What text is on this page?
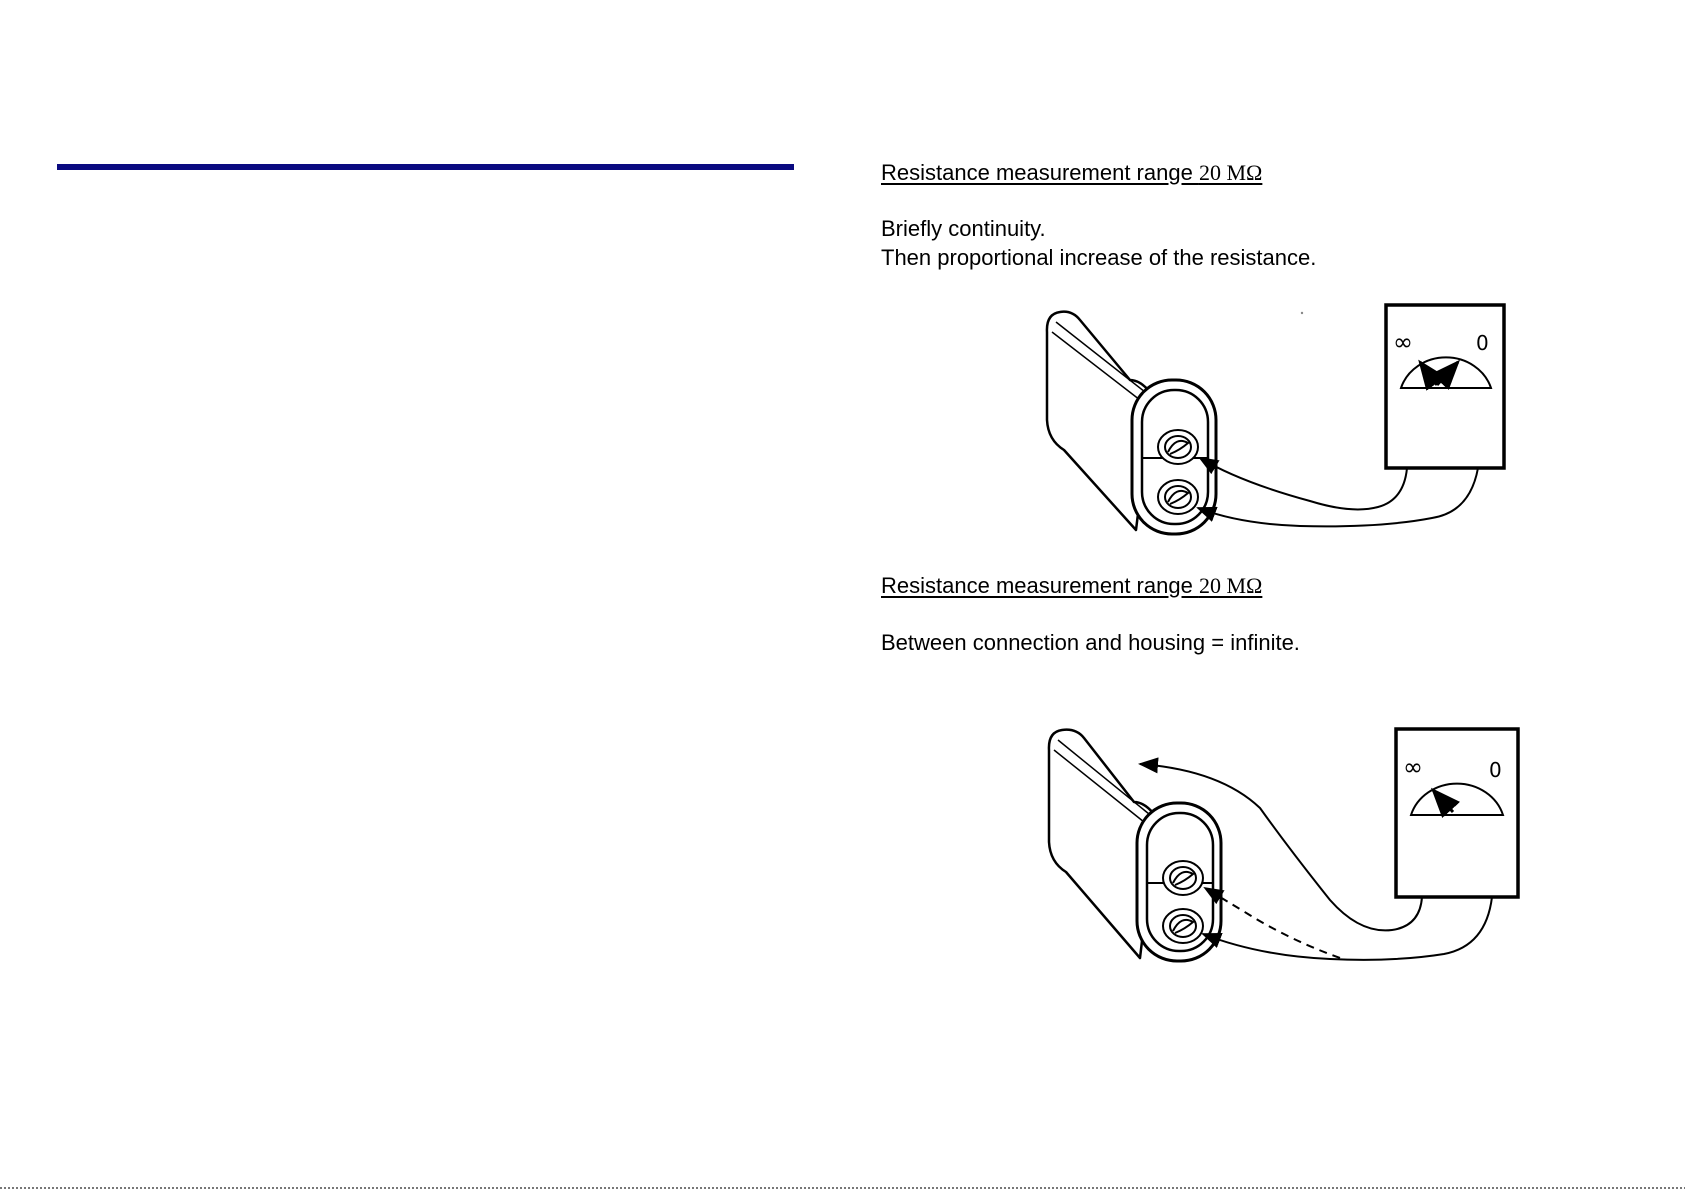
Resistance measurement range 20 MΩ
Briefly continuity.
Then proportional increase of the resistance.
Resistance measurement range 20 MΩ
Between connection and housing = infinite.
∞	0
∞	0
